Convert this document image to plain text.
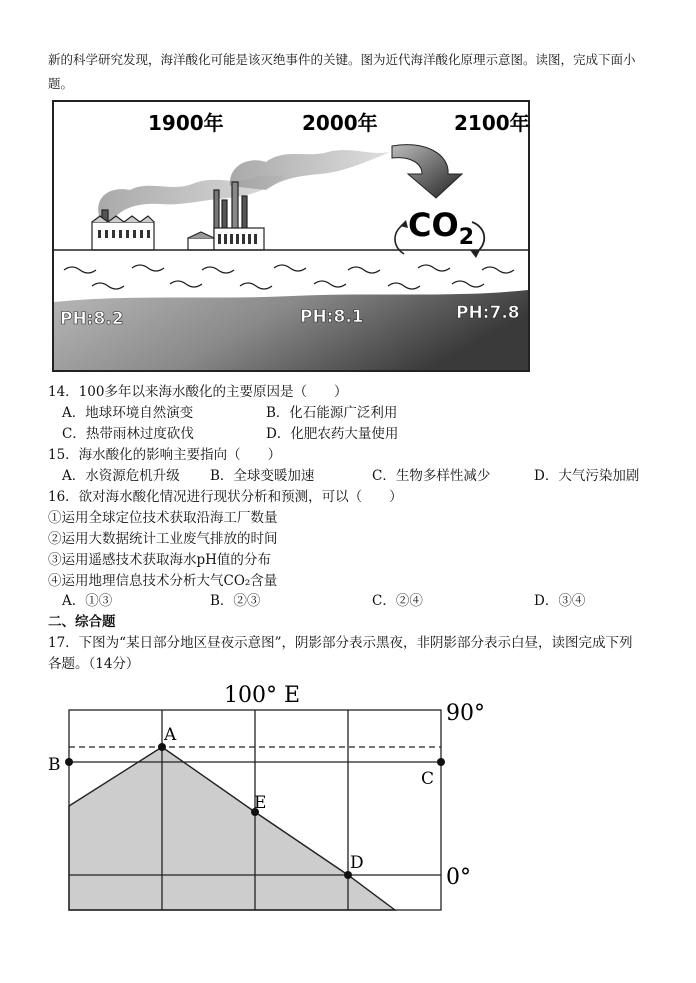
新的科学研究发现，海洋酸化可能是该灭绝事件的关键。图为近代海洋酸化原理示意图。读图，完成下面小题。
1900年	2000年	2100年
$CO_2$
PH:8.2	PH:8.1	PH:7.8
14．100多年以来海水酸化的主要原因是（　　）
A．地球环境自然演变	B．化石能源广泛利用
C．热带雨林过度砍伐	D．化肥农药大量使用
15．海水酸化的影响主要指向（　　）
A．水资源危机升级 B．全球变暖加速	C．生物多样性减少	D．大气污染加剧
16．欲对海水酸化情况进行现状分析和预测，可以（　　）
①运用全球定位技术获取沿海工厂数量
②运用大数据统计工业废气排放的时间
③运用遥感技术获取海水pH值的分布
④运用地理信息技术分析大气CO₂含量
A．①③	B．②③	C．②④	D．③④
二、综合题
17．下图为“某日部分地区昼夜示意图”，阴影部分表示黑夜，非阴影部分表示白昼，读图完成下列
各题。（14分）
100° E
90°
0°
A
B
C
D
E
